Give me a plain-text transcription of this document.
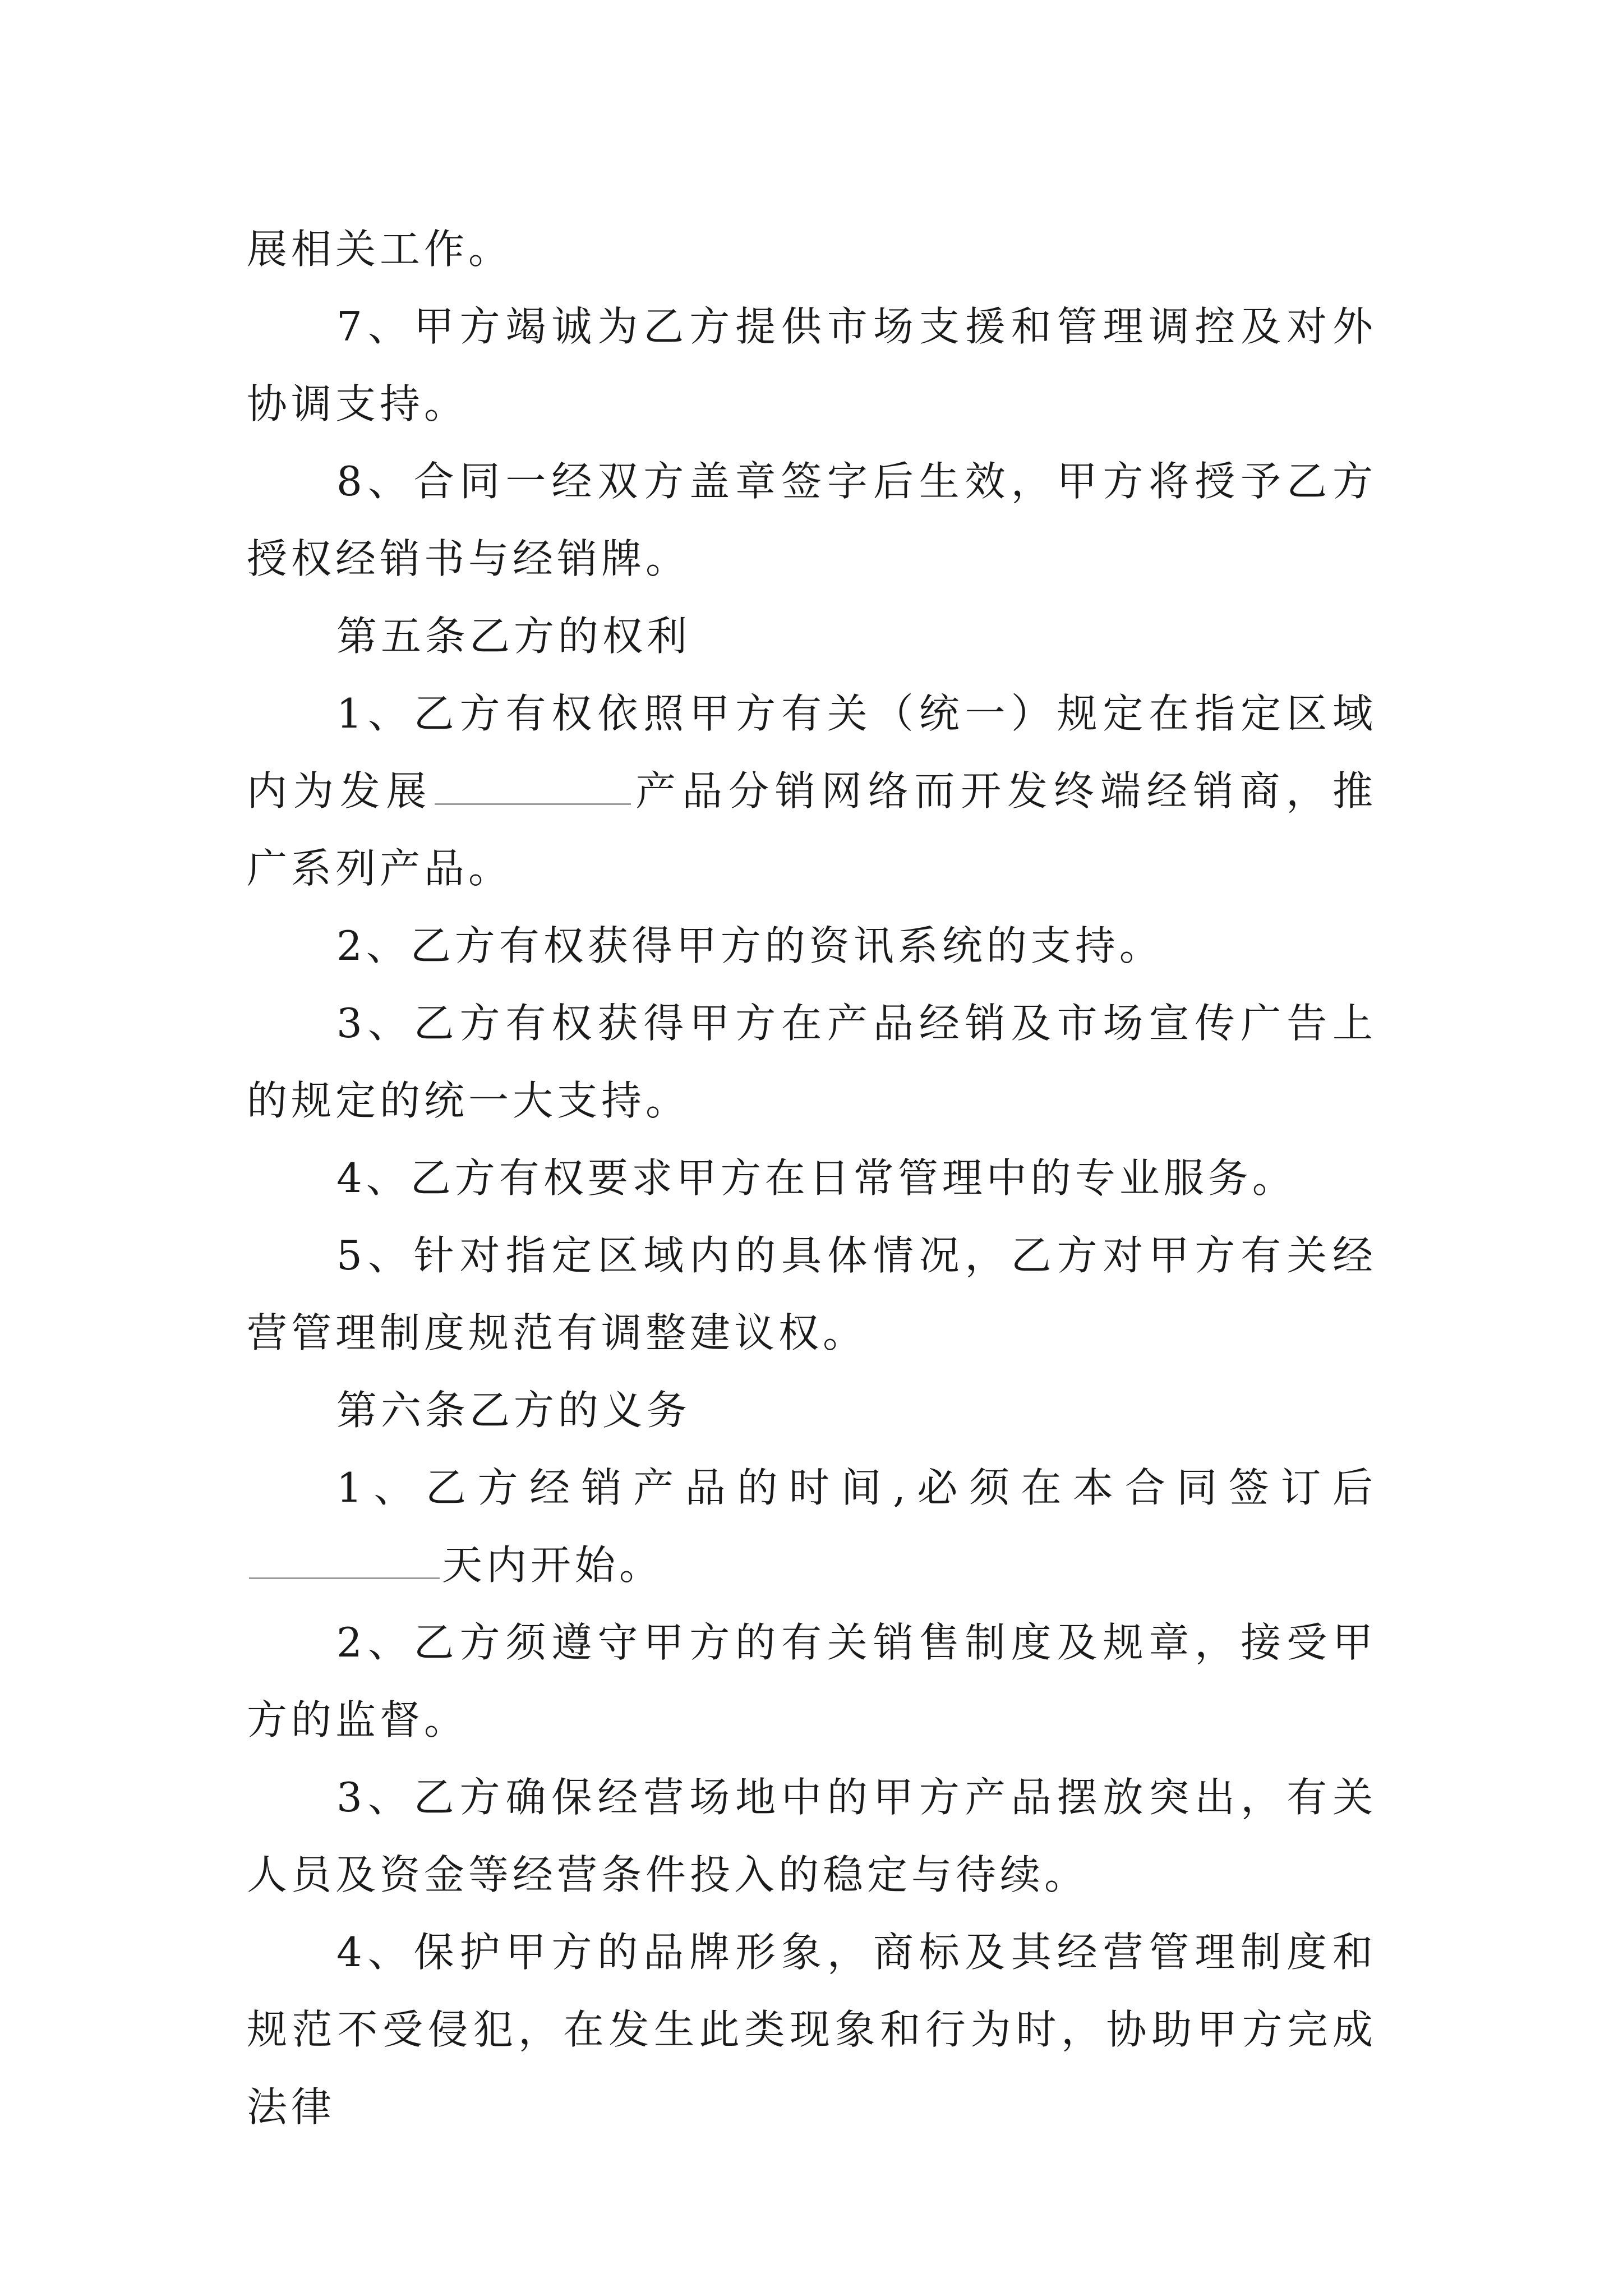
展相关工作。

7、甲方竭诚为乙方提供市场支援和管理调控及对外协调支持。

8、合同一经双方盖章签字后生效，甲方将授予乙方授权经销书与经销牌。

第五条乙方的权利

1、乙方有权依照甲方有关（统一）规定在指定区域内为发展	产品分销网络而开发终端经销商，推广系列产品。

2、乙方有权获得甲方的资讯系统的支持。

3、乙方有权获得甲方在产品经销及市场宣传广告上的规定的统一大支持。

4、乙方有权要求甲方在日常管理中的专业服务。

5、针对指定区域内的具体情况，乙方对甲方有关经营管理制度规范有调整建议权。

第六条乙方的义务

1、乙方经销产品的时间,必须在本合同签订后天内开始。

2、乙方须遵守甲方的有关销售制度及规章，接受甲方的监督。

3、乙方确保经营场地中的甲方产品摆放突出，有关人员及资金等经营条件投入的稳定与待续。

4、保护甲方的品牌形象，商标及其经营管理制度和规范不受侵犯，在发生此类现象和行为时，协助甲方完成法律
